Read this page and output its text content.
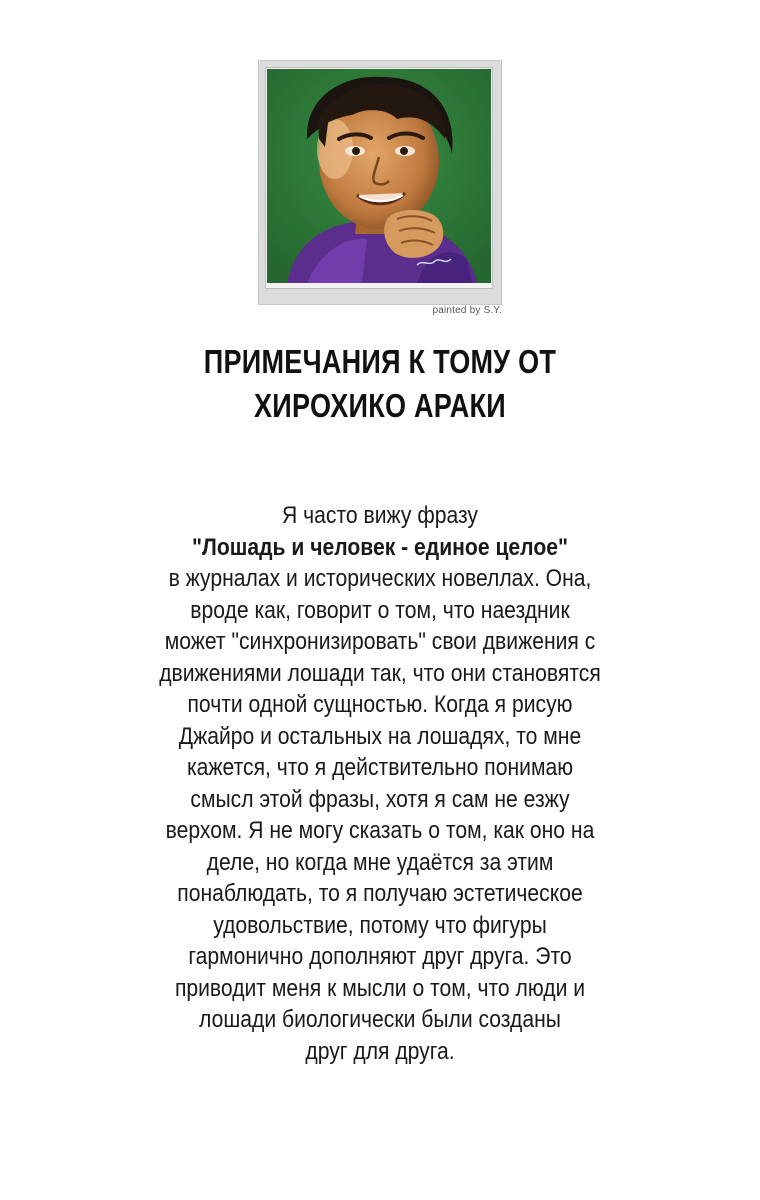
painted by S.Y.
ПРИМЕЧАНИЯ К ТОМУ ОТ
ХИРОХИКО АРАКИ
Я часто вижу фразу
"Лошадь и человек - единое целое"
в журналах и исторических новеллах. Она,
вроде как, говорит о том, что наездник
может "синхронизировать" свои движения с
движениями лошади так, что они становятся
почти одной сущностью. Когда я рисую
Джайро и остальных на лошадях, то мне
кажется, что я действительно понимаю
смысл этой фразы, хотя я сам не езжу
верхом. Я не могу сказать о том, как оно на
деле, но когда мне удаётся за этим
понаблюдать, то я получаю эстетическое
удовольствие, потому что фигуры
гармонично дополняют друг друга. Это
приводит меня к мысли о том, что люди и
лошади биологически были созданы
друг для друга.
